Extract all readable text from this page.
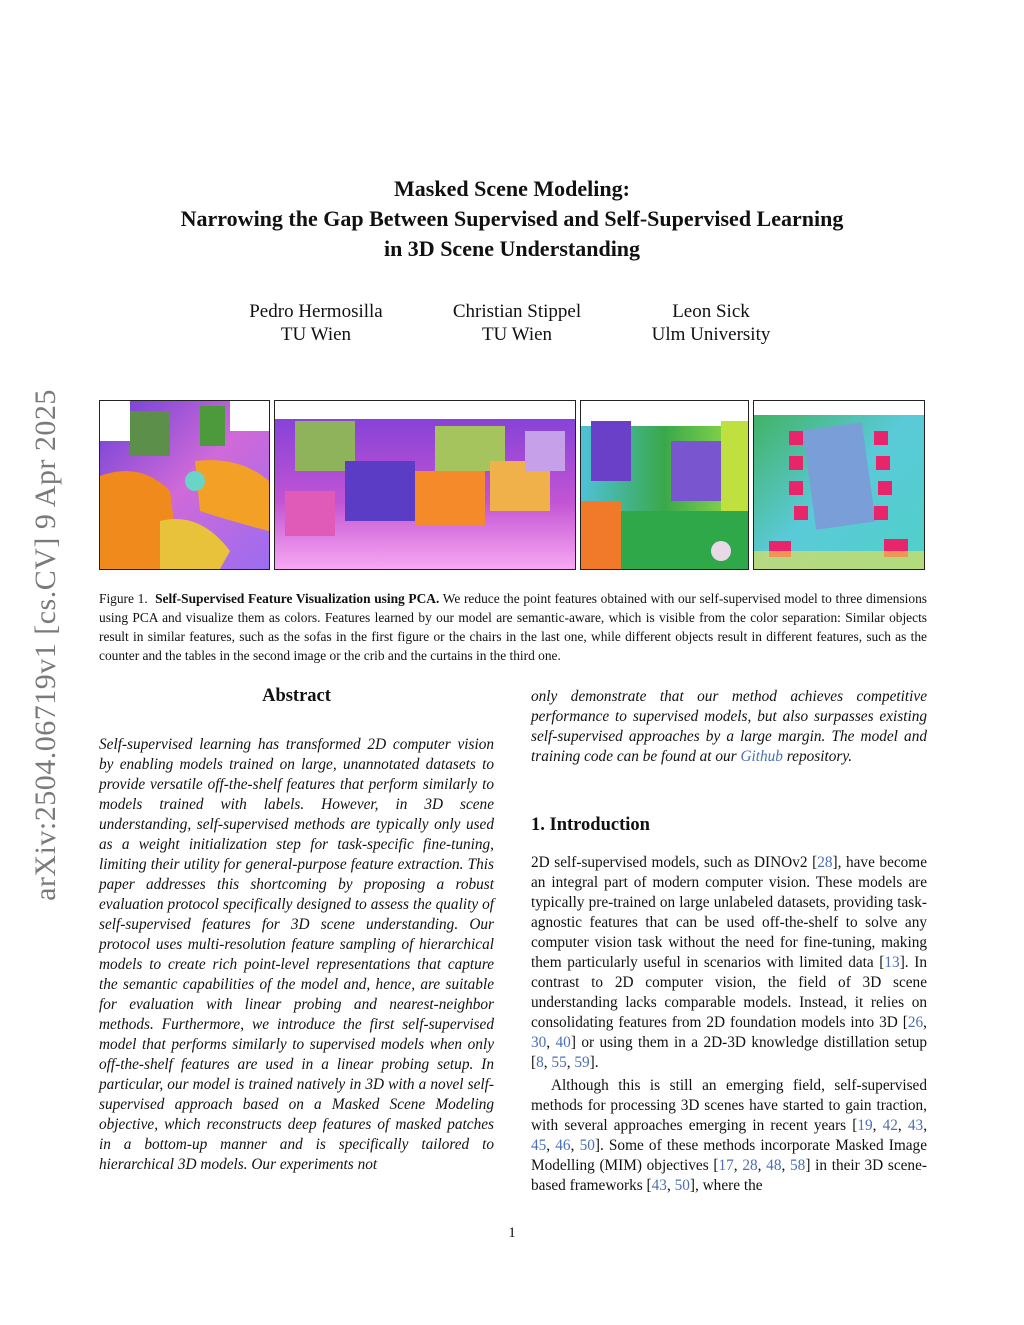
arXiv:2504.06719v1 [cs.CV] 9 Apr 2025
Masked Scene Modeling:
Narrowing the Gap Between Supervised and Self-Supervised Learning
in 3D Scene Understanding
Pedro Hermosilla
TU Wien
Christian Stippel
TU Wien
Leon Sick
Ulm University
Figure 1. Self-Supervised Feature Visualization using PCA. We reduce the point features obtained with our self-supervised model to three dimensions using PCA and visualize them as colors. Features learned by our model are semantic-aware, which is visible from the color separation: Similar objects result in similar features, such as the sofas in the first figure or the chairs in the last one, while different objects result in different features, such as the counter and the tables in the second image or the crib and the curtains in the third one.
Abstract
Self-supervised learning has transformed 2D computer vision by enabling models trained on large, unannotated datasets to provide versatile off-the-shelf features that perform similarly to models trained with labels. However, in 3D scene understanding, self-supervised methods are typically only used as a weight initialization step for task-specific fine-tuning, limiting their utility for general-purpose feature extraction. This paper addresses this shortcoming by proposing a robust evaluation protocol specifically designed to assess the quality of self-supervised features for 3D scene understanding. Our protocol uses multi-resolution feature sampling of hierarchical models to create rich point-level representations that capture the semantic capabilities of the model and, hence, are suitable for evaluation with linear probing and nearest-neighbor methods. Furthermore, we introduce the first self-supervised model that performs similarly to supervised models when only off-the-shelf features are used in a linear probing setup. In particular, our model is trained natively in 3D with a novel self-supervised approach based on a Masked Scene Modeling objective, which reconstructs deep features of masked patches in a bottom-up manner and is specifically tailored to hierarchical 3D models. Our experiments not

only demonstrate that our method achieves competitive performance to supervised models, but also surpasses existing self-supervised approaches by a large margin. The model and training code can be found at our Github repository.

1. Introduction

2D self-supervised models, such as DINOv2 [28], have become an integral part of modern computer vision. These models are typically pre-trained on large unlabeled datasets, providing task-agnostic features that can be used off-the-shelf to solve any computer vision task without the need for fine-tuning, making them particularly useful in scenarios with limited data [13]. In contrast to 2D computer vision, the field of 3D scene understanding lacks comparable models. Instead, it relies on consolidating features from 2D foundation models into 3D [26, 30, 40] or using them in a 2D-3D knowledge distillation setup [8, 55, 59].

Although this is still an emerging field, self-supervised methods for processing 3D scenes have started to gain traction, with several approaches emerging in recent years [19, 42, 43, 45, 46, 50]. Some of these methods incorporate Masked Image Modelling (MIM) objectives [17, 28, 48, 58] in their 3D scene-based frameworks [43, 50], where the

1
